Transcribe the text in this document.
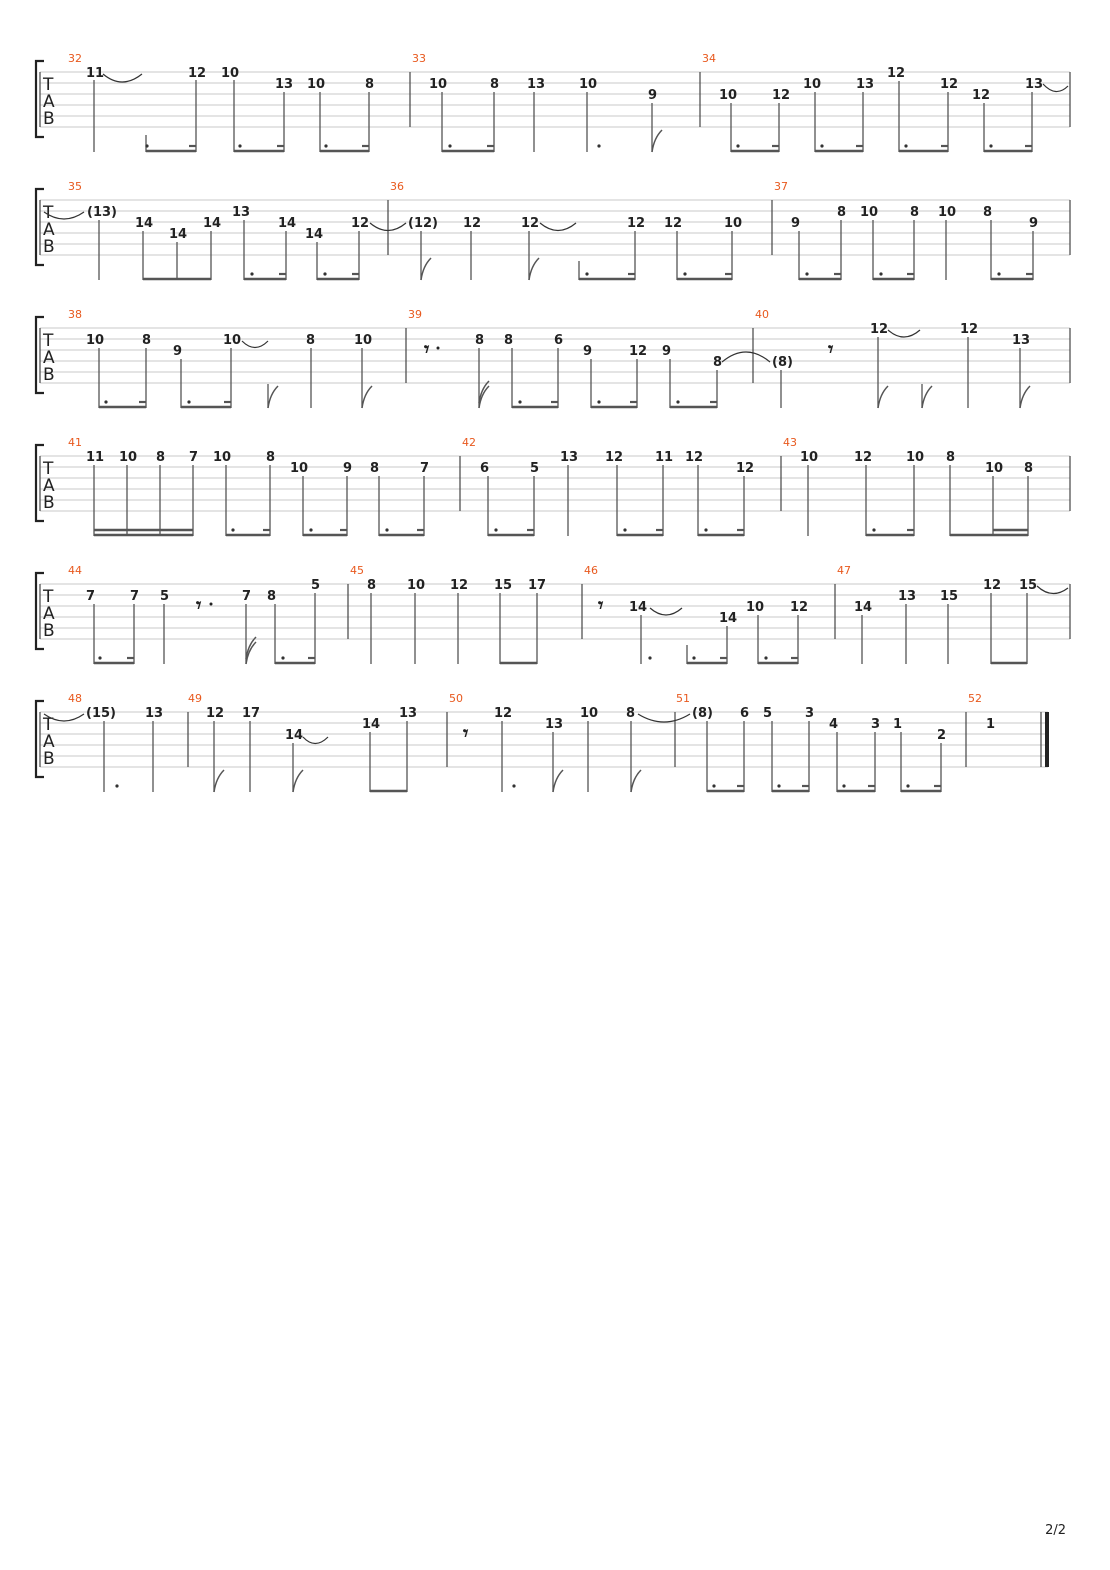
T
A
B
32	33	34
11	12 10
13 10	8	10	8 13	10
9	10	12
10	13
12
12
12
13
T
A
B
35	36	37
(13)
14
14
14
13
14
14
12	(12) 12	12	12 12	10	9
8 10 8 10 8
9
T
A
B
38	39	40
10	8
9
10	8	10	8 8	6
9	12 9
8	(8)
12	12
13
𝄾	𝄾
T
A
B
41	42	43
11 10 8 7 10	8
10	9 8	7	6	5
13 12 11 12
12
10	12	10 8
10 8
T
A
B
44	45	46	47
7	7 5	7 8
5	8 10 12 15 17
14
14
10 12	14
13 15
12 15
𝄾	𝄾
T
A
B
48	49	50	51	52
(15) 13	12 17
14
14
13	12
13
10 8	(8) 6 5	3
4	3 1
2
1
𝄾
2/2
